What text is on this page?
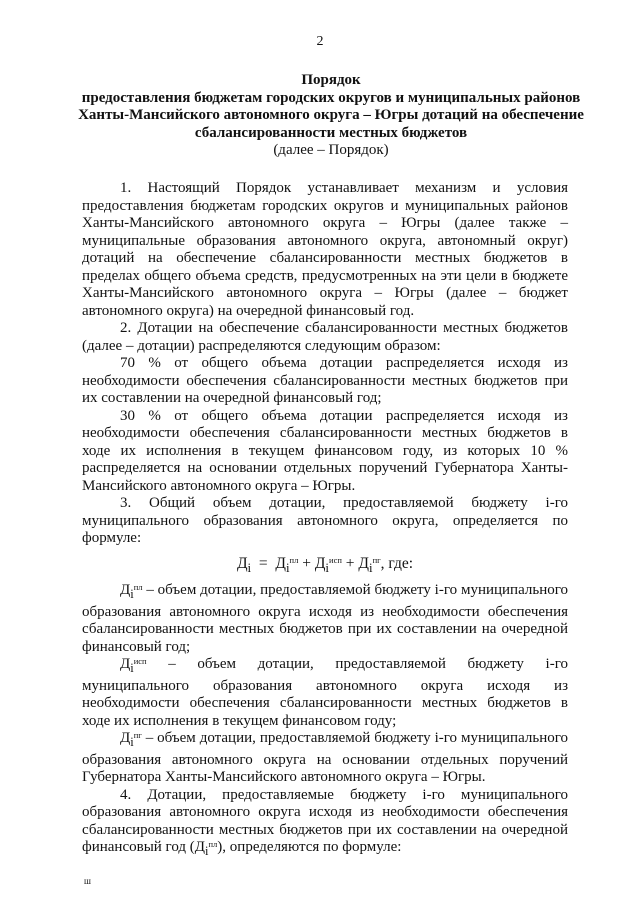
2
Порядок
предоставления бюджетам городских округов и муниципальных районов Ханты-Мансийского автономного округа – Югры дотаций на обеспечение сбалансированности местных бюджетов
(далее – Порядок)

1. Настоящий Порядок устанавливает механизм и условия предоставления бюджетам городских округов и муниципальных районов Ханты-Мансийского автономного округа – Югры (далее также – муниципальные образования автономного округа, автономный округ) дотаций на обеспечение сбалансированности местных бюджетов в пределах общего объема средств, предусмотренных на эти цели в бюджете Ханты-Мансийского автономного округа – Югры (далее – бюджет автономного округа) на очередной финансовый год.

2. Дотации на обеспечение сбалансированности местных бюджетов (далее – дотации) распределяются следующим образом:

70 % от общего объема дотации распределяется исходя из необходимости обеспечения сбалансированности местных бюджетов при их составлении на очередной финансовый год;

30 % от общего объема дотации распределяется исходя из необходимости обеспечения сбалансированности местных бюджетов в ходе их исполнения в текущем финансовом году, из которых 10 % распределяется на основании отдельных поручений Губернатора Ханты-Мансийского автономного округа – Югры.

3. Общий объем дотации, предоставляемой бюджету i-го муниципального образования автономного округа, определяется по формуле:

$Д_i = Д_i^{пл} + Д_i^{исп} + Д_i^{пг}$, где:

$Д_i^{пл}$ – объем дотации, предоставляемой бюджету i-го муниципального образования автономного округа исходя из необходимости обеспечения сбалансированности местных бюджетов при их составлении на очередной финансовый год;

$Д_i^{исп}$ – объем дотации, предоставляемой бюджету i-го муниципального образования автономного округа исходя из необходимости обеспечения сбалансированности местных бюджетов в ходе их исполнения в текущем финансовом году;

$Д_i^{пг}$ – объем дотации, предоставляемой бюджету i-го муниципального образования автономного округа на основании отдельных поручений Губернатора Ханты-Мансийского автономного округа – Югры.

4. Дотации, предоставляемые бюджету i-го муниципального образования автономного округа исходя из необходимости обеспечения сбалансированности местных бюджетов при их составлении на очередной финансовый год $(Д_i^{пл})$, определяются по формуле:

ш
